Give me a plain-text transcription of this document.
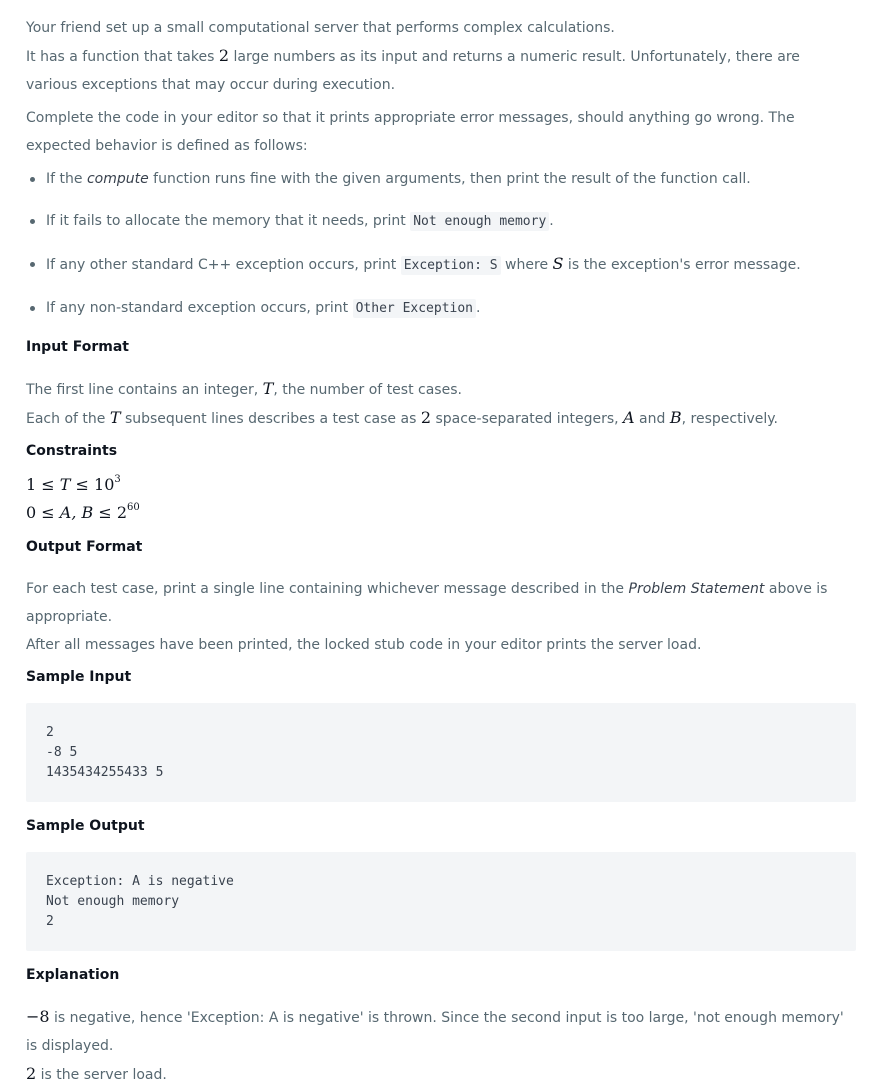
Your friend set up a small computational server that performs complex calculations.

It has a function that takes 2 large numbers as its input and returns a numeric result. Unfortunately, there are various exceptions that may occur during execution.

Complete the code in your editor so that it prints appropriate error messages, should anything go wrong. The expected behavior is defined as follows:

If the compute function runs fine with the given arguments, then print the result of the function call.
If it fails to allocate the memory that it needs, print Not enough memory .
If any other standard C++ exception occurs, print Exception: S where S is the exception's error message.
If any non-standard exception occurs, print Other Exception .
Input Format

The first line contains an integer, T, the number of test cases.

Each of the T subsequent lines describes a test case as 2 space-separated integers, A and B, respectively.

Constraints
$1 \le T \le 10^3$
0 ≤ A, $B \le 2^{60}$
Output Format

For each test case, print a single line containing whichever message described in the Problem Statement above is appropriate.

After all messages have been printed, the locked stub code in your editor prints the server load.

Sample Input
2
-8 5
1435434255433 5
Sample Output
Exception: A is negative
Not enough memory
2
Explanation

−8 is negative, hence 'Exception: A is negative' is thrown. Since the second input is too large, 'not enough memory' is displayed.

2 is the server load.
